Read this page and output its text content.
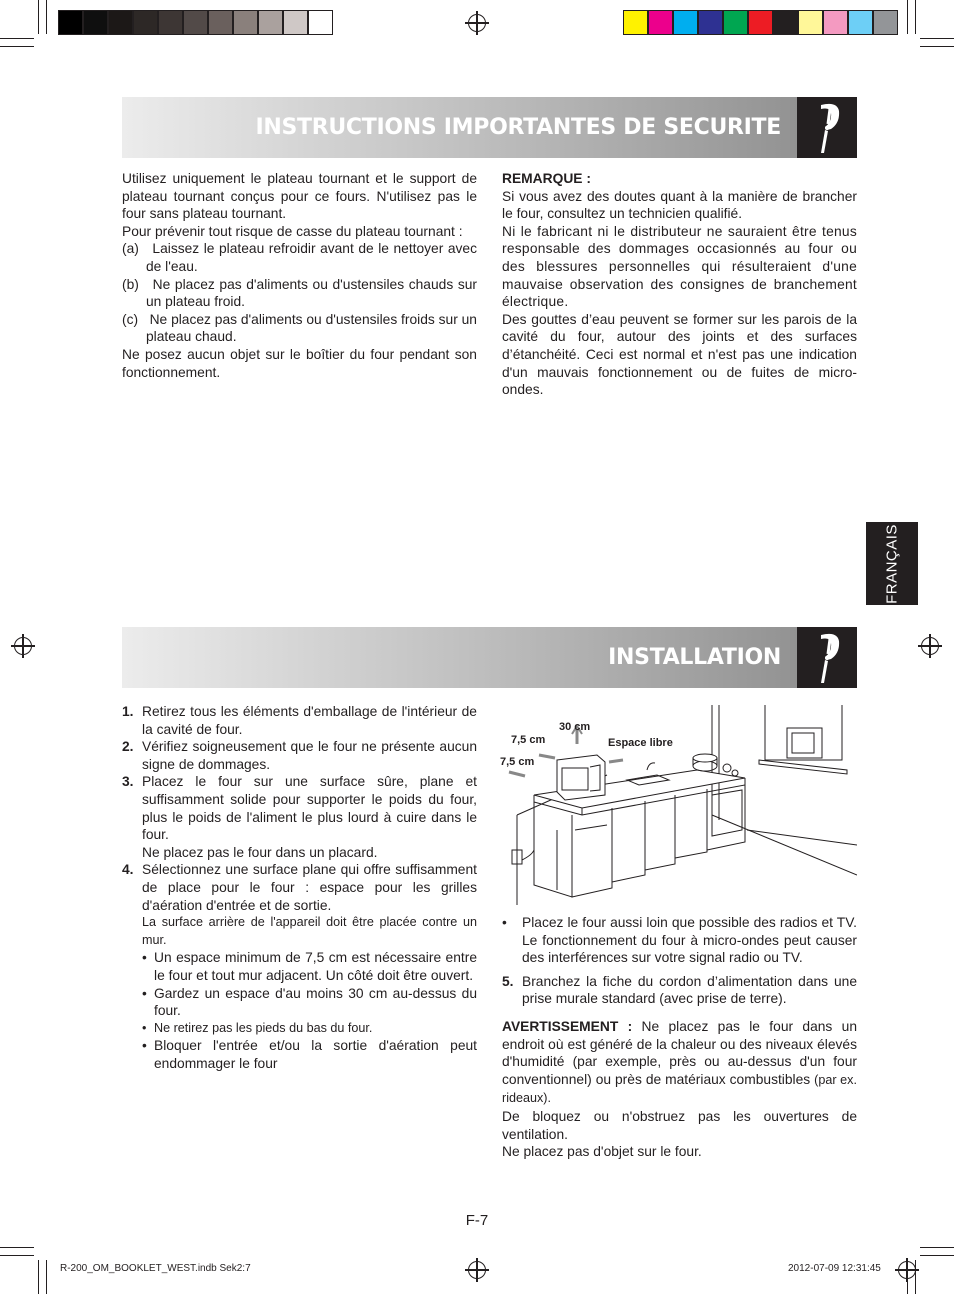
INSTRUCTIONS IMPORTANTES DE SECURITE

Utilisez uniquement le plateau tournant et le support de plateau tournant conçus pour ce fours. N'utilisez pas le four sans plateau tournant.

Pour prévenir tout risque de casse du plateau tournant :

(a)   Laissez le plateau refroidir avant de le nettoyer avec de l'eau.

(b)   Ne placez pas d'aliments ou d'ustensiles chauds sur un plateau froid.

(c)   Ne placez pas d'aliments ou d'ustensiles froids sur un plateau chaud.

Ne posez aucun objet sur le boîtier du four pendant son fonctionnement.

REMARQUE :

Si vous avez des doutes quant à la manière de brancher le four, consultez un technicien qualifié.

Ni le fabricant ni le distributeur ne sauraient être tenus responsable des dommages occasionnés au four ou des blessures personnelles qui résulteraient d'une mauvaise observation des consignes de branchement électrique.

Des gouttes d’eau peuvent se former sur les parois de la cavité du four, autour des joints et des surfaces d’étanchéité. Ceci est normal et n'est pas une indication d'un mauvais fonctionnement ou de fuites de micro-ondes.

FRANÇAIS
INSTALLATION
1. Retirez tous les éléments d'emballage de l'intérieur de la cavité de four.
2. Vérifiez soigneusement que le four ne présente aucun signe de dommages.
3. Placez le four sur une surface sûre, plane et suffisamment solide pour supporter le poids du four, plus le poids de l'aliment le plus lourd à cuire dans le four.
Ne placez pas le four dans un placard.
4. Sélectionnez une surface plane qui offre suffisamment de place pour le four : espace pour les grilles d'aération d'entrée et de sortie.
La surface arrière de l'appareil doit être placée contre un mur.
• Un espace minimum de 7,5 cm est nécessaire entre le four et tout mur adjacent. Un côté doit être ouvert.
• Gardez un espace d'au moins 30 cm au-dessus du four.
• Ne retirez pas les pieds du bas du four.
• Bloquer l'entrée et/ou la sortie d'aération peut endommager le four
30 cm
7,5 cm
7,5 cm
Espace libre
• Placez le four aussi loin que possible des radios et TV. Le fonctionnement du four à micro-ondes peut causer des interférences sur votre signal radio ou TV.
5. Branchez la fiche du cordon d’alimentation dans une prise murale standard (avec prise de terre).

AVERTISSEMENT : Ne placez pas le four dans un endroit où est généré de la chaleur ou des niveaux élevés d'humidité (par exemple, près ou au-dessus d'un four conventionnel) ou près de matériaux combustibles (par ex. rideaux).

De bloquez ou n'obstruez pas les ouvertures de ventilation.

Ne placez pas d'objet sur le four.

F-7
R-200_OM_BOOKLET_WEST.indb Sek2:7	2012-07-09 12:31:45
